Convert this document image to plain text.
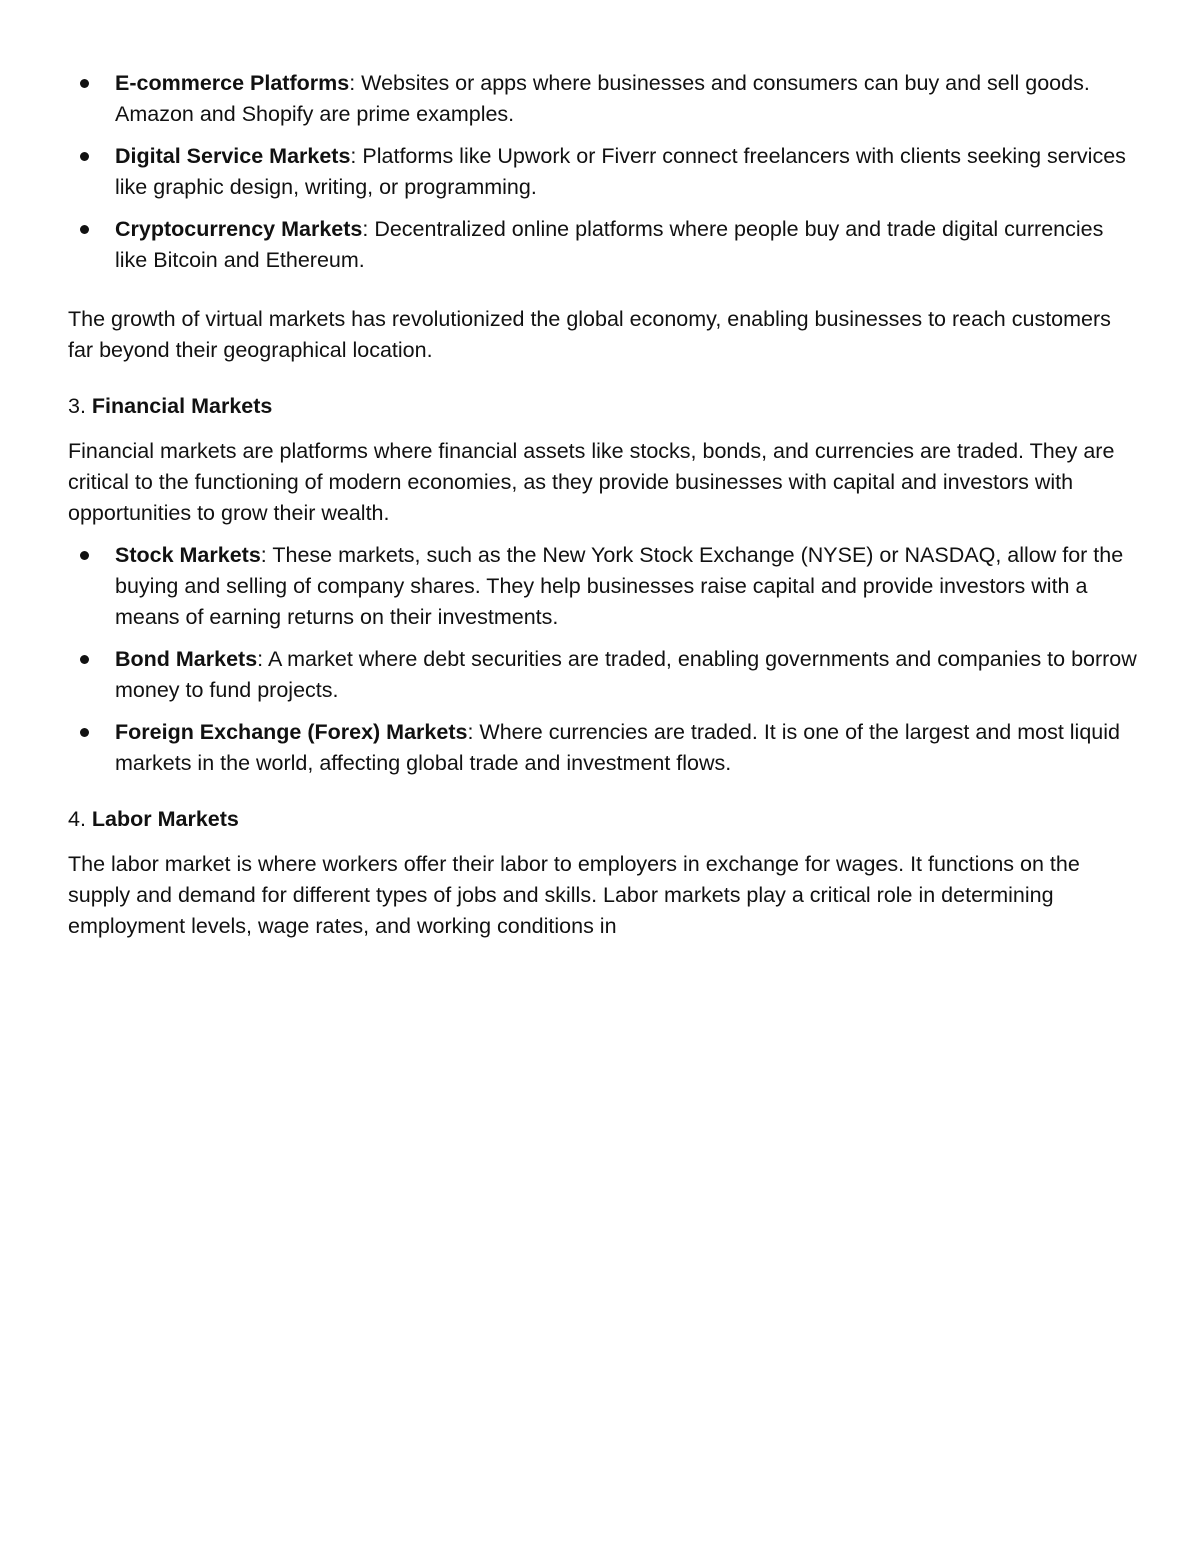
E-commerce Platforms: Websites or apps where businesses and consumers can buy and sell goods. Amazon and Shopify are prime examples.
Digital Service Markets: Platforms like Upwork or Fiverr connect freelancers with clients seeking services like graphic design, writing, or programming.
Cryptocurrency Markets: Decentralized online platforms where people buy and trade digital currencies like Bitcoin and Ethereum.

The growth of virtual markets has revolutionized the global economy, enabling businesses to reach customers far beyond their geographical location.

3. Financial Markets

Financial markets are platforms where financial assets like stocks, bonds, and currencies are traded. They are critical to the functioning of modern economies, as they provide businesses with capital and investors with opportunities to grow their wealth.

Stock Markets: These markets, such as the New York Stock Exchange (NYSE) or NASDAQ, allow for the buying and selling of company shares. They help businesses raise capital and provide investors with a means of earning returns on their investments.
Bond Markets: A market where debt securities are traded, enabling governments and companies to borrow money to fund projects.
Foreign Exchange (Forex) Markets: Where currencies are traded. It is one of the largest and most liquid markets in the world, affecting global trade and investment flows.

4. Labor Markets

The labor market is where workers offer their labor to employers in exchange for wages. It functions on the supply and demand for different types of jobs and skills. Labor markets play a critical role in determining employment levels, wage rates, and working conditions in
